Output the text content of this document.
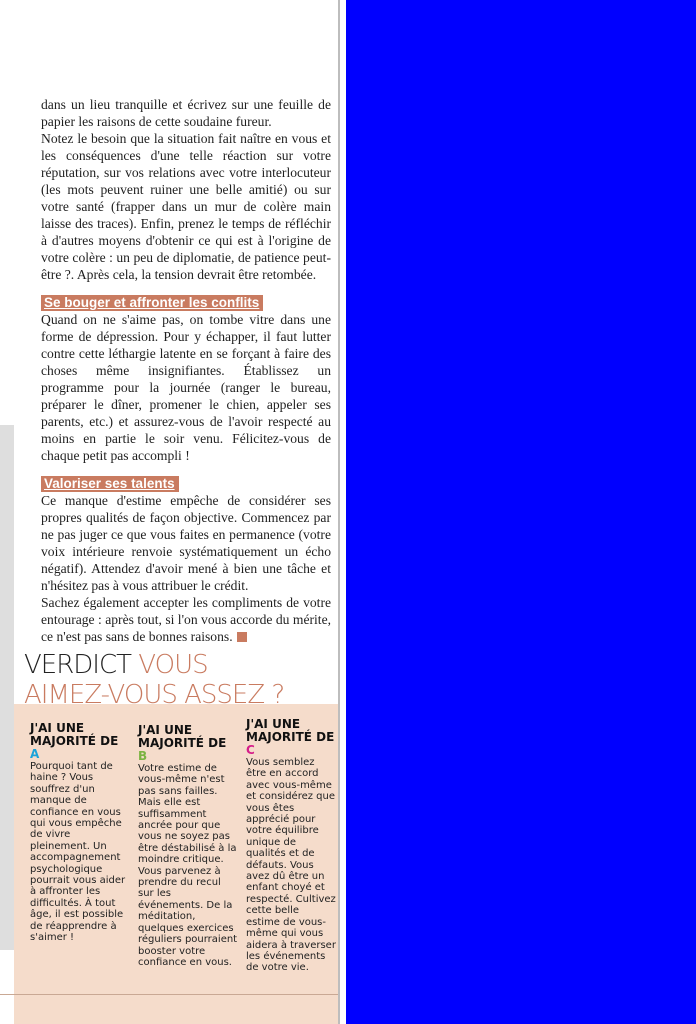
dans un lieu tranquille et écrivez sur une feuille de papier les raisons de cette soudaine fureur.

Notez le besoin que la situation fait naître en vous et les conséquences d'une telle réaction sur votre réputation, sur vos relations avec votre interlocuteur (les mots peuvent ruiner une belle amitié) ou sur votre santé (frapper dans un mur de colère main laisse des traces). Enfin, prenez le temps de réfléchir à d'autres moyens d'obtenir ce qui est à l'origine de votre colère : un peu de diplomatie, de patience peut-être ?. Après cela, la tension devrait être retombée.

Se bouger et affronter les conflits

Quand on ne s'aime pas, on tombe vitre dans une forme de dépression. Pour y échapper, il faut lutter contre cette léthargie latente en se forçant à faire des choses même insignifiantes. Établissez un programme pour la journée (ranger le bureau, préparer le dîner, promener le chien, appeler ses parents, etc.) et assurez-vous de l'avoir respecté au moins en partie le soir venu. Félicitez-vous de chaque petit pas accompli !

Valoriser ses talents

Ce manque d'estime empêche de considérer ses propres qualités de façon objective. Commencez par ne pas juger ce que vous faites en permanence (votre voix intérieure renvoie systématiquement un écho négatif). Attendez d'avoir mené à bien une tâche et n'hésitez pas à vous attribuer le crédit.

Sachez également accepter les compliments de votre entourage : après tout, si l'on vous accorde du mérite, ce n'est pas sans de bonnes raisons.

J'AI UNE MAJORITÉ DE A
Pourquoi tant de haine ? Vous souffrez d'un manque de confiance en vous qui vous empêche de vivre pleinement. Un accompagnement psychologique pourrait vous aider à affronter les difficultés. À tout âge, il est possible de réapprendre à s'aimer !
J'AI UNE MAJORITÉ DE B
Votre estime de vous-même n'est pas sans failles. Mais elle est suffisamment ancrée pour que vous ne soyez pas être déstabilisé à la moindre critique. Vous parvenez à prendre du recul sur les événements. De la méditation, quelques exercices réguliers pourraient booster votre confiance en vous.
J'AI UNE MAJORITÉ DE C
Vous semblez être en accord avec vous-même et considérez que vous êtes apprécié pour votre équilibre unique de qualités et de défauts. Vous avez dû être un enfant choyé et respecté. Cultivez cette belle estime de vous-même qui vous aidera à traverser les événements de votre vie.
VERDICT VOUS
AIMEZ-VOUS ASSEZ ?
